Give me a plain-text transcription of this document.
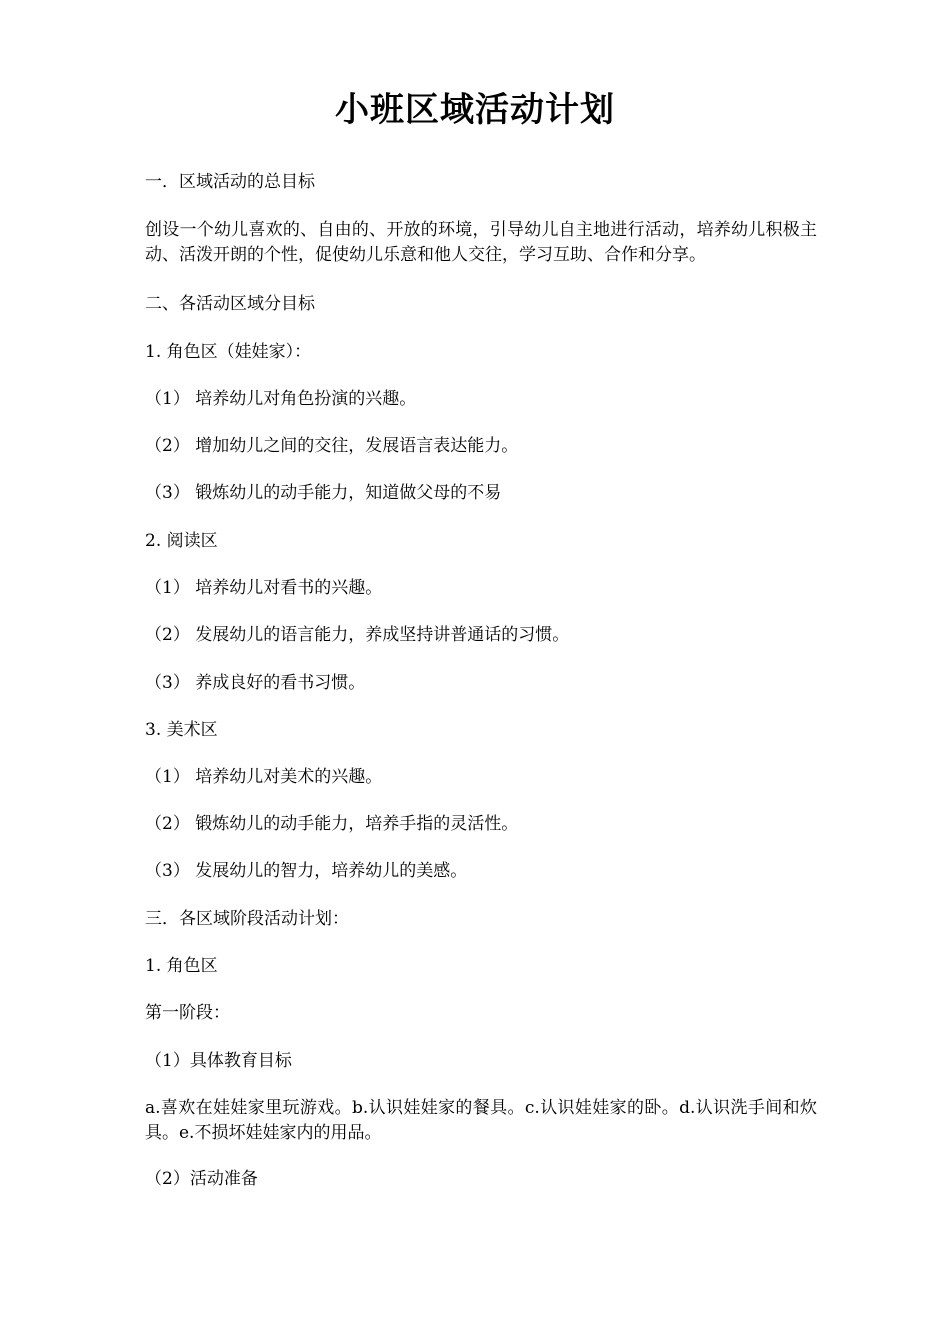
小班区域活动计划
一．区域活动的总目标
创设一个幼儿喜欢的、自由的、开放的环境，引导幼儿自主地进行活动，培养幼儿积极主动、活泼开朗的个性，促使幼儿乐意和他人交往，学习互助、合作和分享。
二、各活动区域分目标
1. 角色区（娃娃家）：
（1） 培养幼儿对角色扮演的兴趣。
（2） 增加幼儿之间的交往，发展语言表达能力。
（3） 锻炼幼儿的动手能力，知道做父母的不易
2. 阅读区
（1） 培养幼儿对看书的兴趣。
（2） 发展幼儿的语言能力，养成坚持讲普通话的习惯。
（3） 养成良好的看书习惯。
3. 美术区
（1） 培养幼儿对美术的兴趣。
（2） 锻炼幼儿的动手能力，培养手指的灵活性。
（3） 发展幼儿的智力，培养幼儿的美感。
三．各区域阶段活动计划：
1. 角色区
第一阶段：
（1）具体教育目标
a.喜欢在娃娃家里玩游戏。b.认识娃娃家的餐具。c.认识娃娃家的卧。d.认识洗手间和炊具。e.不损坏娃娃家内的用品。
（2）活动准备
